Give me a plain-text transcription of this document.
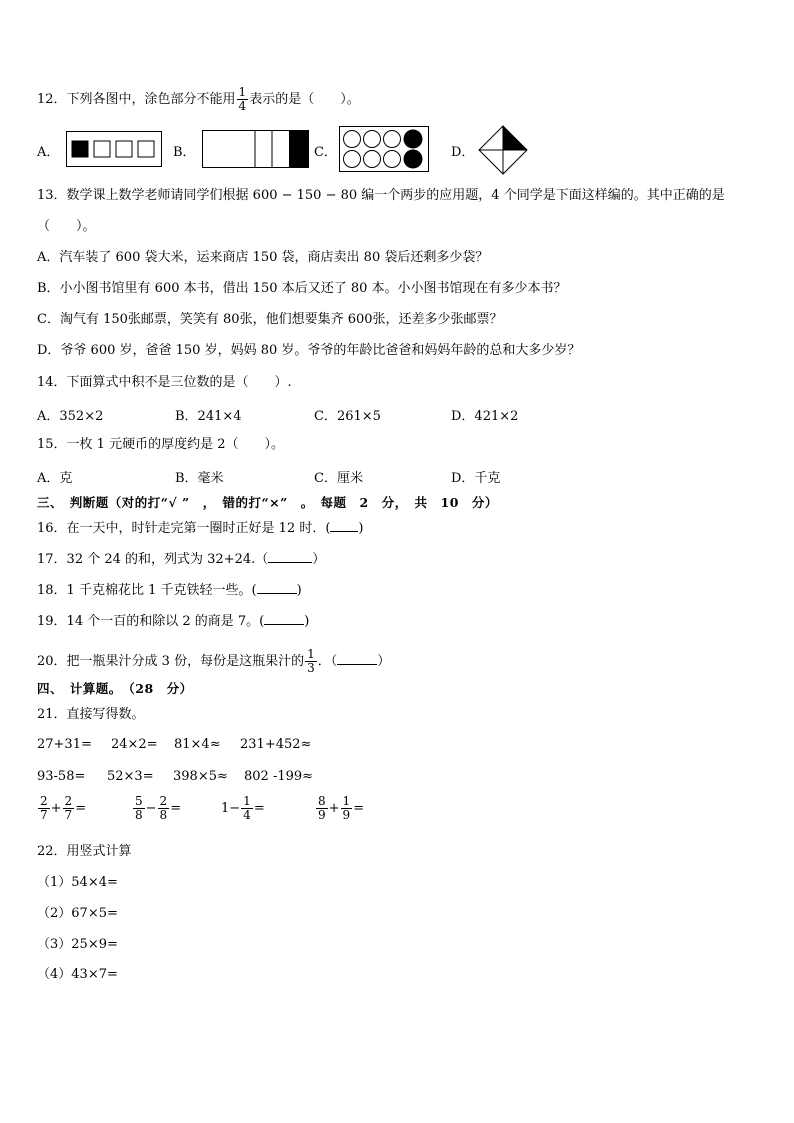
12．下列各图中，涂色部分不能用 $\frac{1}{4}$ 表示的是（　　）。
A．	B．	C．	D．
13．数学课上数学老师请同学们根据 600 − 150 − 80 编一个两步的应用题，4 个同学是下面这样编的。其中正确的是
（　　）。
A．汽车装了 600 袋大米，运来商店 150 袋，商店卖出 80 袋后还剩多少袋？
B．小小图书馆里有 600 本书，借出 150 本后又还了 80 本。小小图书馆现在有多少本书？
C．淘气有 150张邮票，笑笑有 80张，他们想要集齐 600张，还差多少张邮票？
D．爷爷 600 岁，爸爸 150 岁，妈妈 80 岁。爷爷的年龄比爸爸和妈妈年龄的总和大多少岁？
14．下面算式中积不是三位数的是（　　）.
A．352×2	B．241×4	C．261×5	D．421×2
15．一枚 1 元硬币的厚度约是 2（　　）。
A．克	B．毫米	C．厘米	D．千克
三、　判断题（对的打“√ ”　，　错的打“×”　。　每题　2　分，　共　10　分）
16．在一天中，时针走完第一圈时正好是 12 时．( )
17．32 个 24 的和，列式为 32+24.（	）
18．1 千克棉花比 1 千克铁轻一些。(	)
19．14 个一百的和除以 2 的商是 7。(	)
20．把一瓶果汁分成 3 份，每份是这瓶果汁的 $\frac{1}{3}$ ．（	）
四、　计算题。　（28　分）
21．直接写得数。
27+31= 24×2= 81×4≈ 231+452≈
93-58= 52×3= 398×5≈ 802 -199≈
$\frac{2}{7} + \frac{2}{7}$ =	$\frac{5}{8} - \frac{2}{8}$ =	$1- \frac{1}{4}$ =	$\frac{8}{9} + \frac{1}{9}$ =
22．用竖式计算
（1）54×4=
（2）67×5=
（3）25×9=
（4）43×7=
